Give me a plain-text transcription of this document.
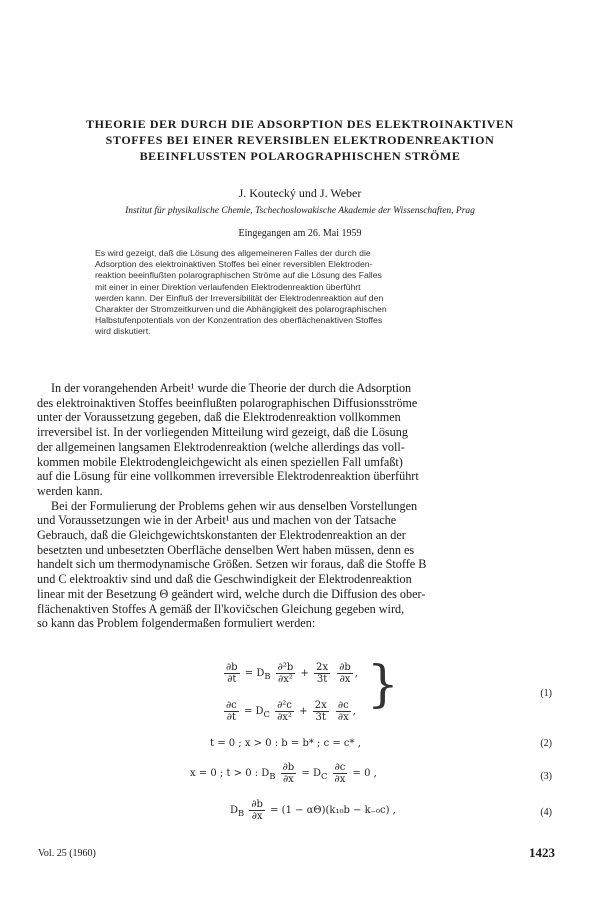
THEORIE DER DURCH DIE ADSORPTION DES ELEKTROINAKTIVEN
STOFFES BEI EINER REVERSIBLEN ELEKTRODENREAKTION
BEEINFLUSSTEN POLAROGRAPHISCHEN STRÖME
J. Koutecký und J. Weber
Institut für physikalische Chemie, Tschechoslowakische Akademie der Wissenschaften, Prag
Eingegangen am 26. Mai 1959
Es wird gezeigt, daß die Lösung des allgemeineren Falles der durch die
Adsorption des elektroinaktiven Stoffes bei einer reversiblen Elektroden-
reaktion beeinflußten polarographischen Ströme auf die Lösung des Falles
mit einer in einer Direktion verlaufenden Elektrodenreaktion überführt
werden kann. Der Einfluß der Irreversibilität der Elektrodenreaktion auf den
Charakter der Stromzeitkurven und die Abhängigkeit des polarographischen
Halbstufenpotentials von der Konzentration des oberflächenaktiven Stoffes
wird diskutiert.
In der vorangehenden Arbeit¹ wurde die Theorie der durch die Adsorption
des elektroinaktiven Stoffes beeinflußten polarographischen Diffusionsströme
unter der Voraussetzung gegeben, daß die Elektrodenreaktion vollkommen
irreversibel ist. In der vorliegenden Mitteilung wird gezeigt, daß die Lösung
der allgemeinen langsamen Elektrodenreaktion (welche allerdings das voll-
kommen mobile Elektrodengleichgewicht als einen speziellen Fall umfaßt)
auf die Lösung für eine vollkommen irreversible Elektrodenreaktion überführt
werden kann.
Bei der Formulierung der Problems gehen wir aus denselben Vorstellungen
und Voraussetzungen wie in der Arbeit¹ aus und machen von der Tatsache
Gebrauch, daß die Gleichgewichtskonstanten der Elektrodenreaktion an der
besetzten und unbesetzten Oberfläche denselben Wert haben müssen, denn es
handelt sich um thermodynamische Größen. Setzen wir foraus, daß die Stoffe B
und C elektroaktiv sind und daß die Geschwindigkeit der Elektrodenreaktion
linear mit der Besetzung Θ geändert wird, welche durch die Diffusion des ober-
flächenaktiven Stoffes A gemäß der Il'kovičschen Gleichung gegeben wird,
so kann das Problem folgendermaßen formuliert werden:
$\frac{\partial b}{\partial t} = D_B \frac{\text{∂²b}}{\text{∂x²}} + \frac{2x}{3t}$
$\frac{\partial b}{\partial x}$ ,
$\frac{\partial c}{\partial t} = D_C \frac{\text{∂²c}}{\text{∂x²}} + \frac{2x}{3t}$
$\frac{\partial c}{\partial x}$ , }	(1)
t = 0 ; x > 0 : b = b* ; c = c* ,	(2)
x = 0 ; t > 0 : $D_B \frac{\partial b}{\partial x} = D_C \frac{\partial c}{\partial x} = 0$ ,	(3)
$D_B \frac{\partial b}{\partial x} = (1 - \alpha\Theta)(k_{10}b - k_{-0}c)$ ,	(4)
Vol. 25 (1960)	1423
